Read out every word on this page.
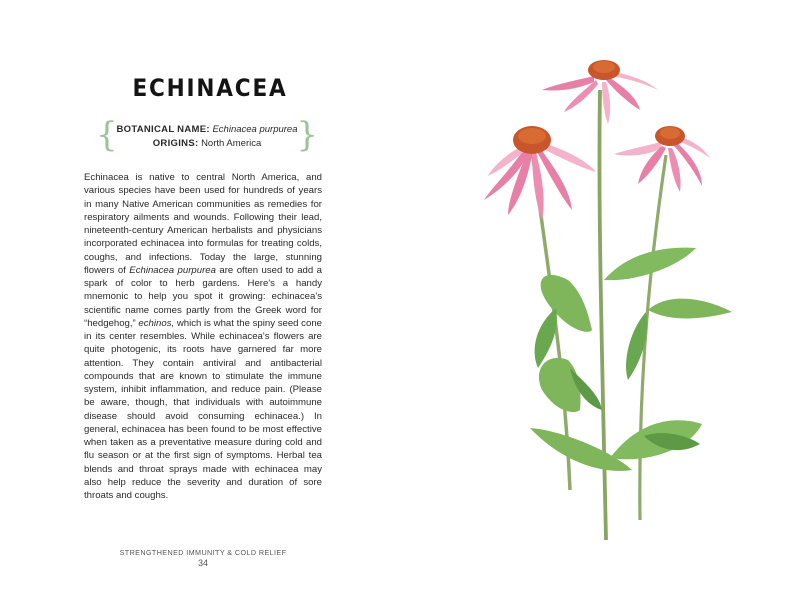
ECHINACEA
{	}
BOTANICAL NAME: Echinacea purpurea
ORIGINS: North America
Echinacea is native to central North America, and various species have been used for hundreds of years in many Native American communities as remedies for respiratory ailments and wounds. Following their lead, nineteenth-century American herbalists and physicians incorporated echinacea into formulas for treating colds, coughs, and infections. Today the large, stunning flowers of Echinacea purpurea are often used to add a spark of color to herb gardens. Here's a handy mnemonic to help you spot it growing: echinacea's scientific name comes partly from the Greek word for “hedgehog,” echinos, which is what the spiny seed cone in its center resembles. While echinacea's flowers are quite photogenic, its roots have garnered far more attention. They contain antiviral and antibacterial compounds that are known to stimulate the immune system, inhibit inflammation, and reduce pain. (Please be aware, though, that individuals with autoimmune disease should avoid consuming echinacea.) In general, echinacea has been found to be most effective when taken as a preventative measure during cold and flu season or at the first sign of symptoms. Herbal tea blends and throat sprays made with echinacea may also help reduce the severity and duration of sore throats and coughs.
STRENGTHENED IMMUNITY & COLD RELIEF
34
